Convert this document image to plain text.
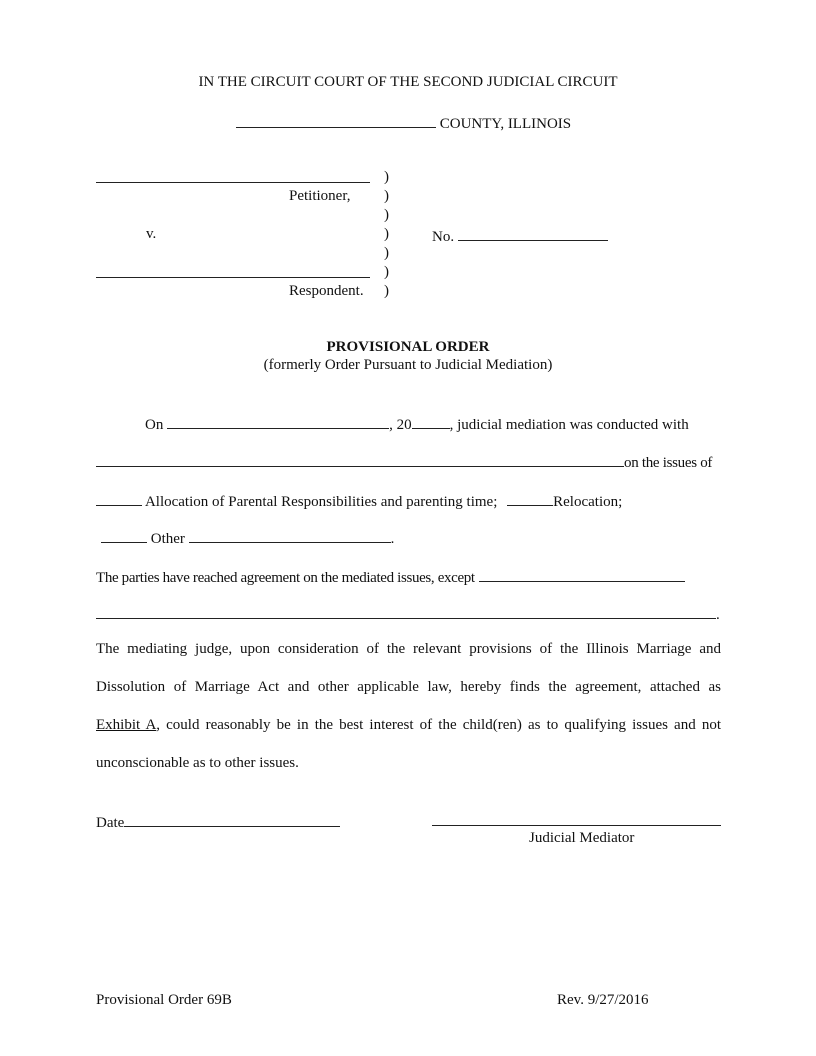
IN THE CIRCUIT COURT OF THE SECOND JUDICIAL CIRCUIT
COUNTY, ILLINOIS
Petitioner,
v.
Respondent.
)
)
)
)
)
)
)
No.
PROVISIONAL ORDER
(formerly Order Pursuant to Judicial Mediation)
On	, 20	, judicial mediation was conducted with
on the issues of
Allocation of Parental Responsibilities and parenting time;	Relocation;
Other	.
The parties have reached agreement on the mediated issues, except
.
The mediating judge, upon consideration of the relevant provisions of the Illinois Marriage and
Dissolution of Marriage Act and other applicable law, hereby finds the agreement, attached as
Exhibit A, could reasonably be in the best interest of the child(ren) as to qualifying issues and not
unconscionable as to other issues.
Date
Judicial Mediator
Provisional Order 69B	Rev. 9/27/2016
